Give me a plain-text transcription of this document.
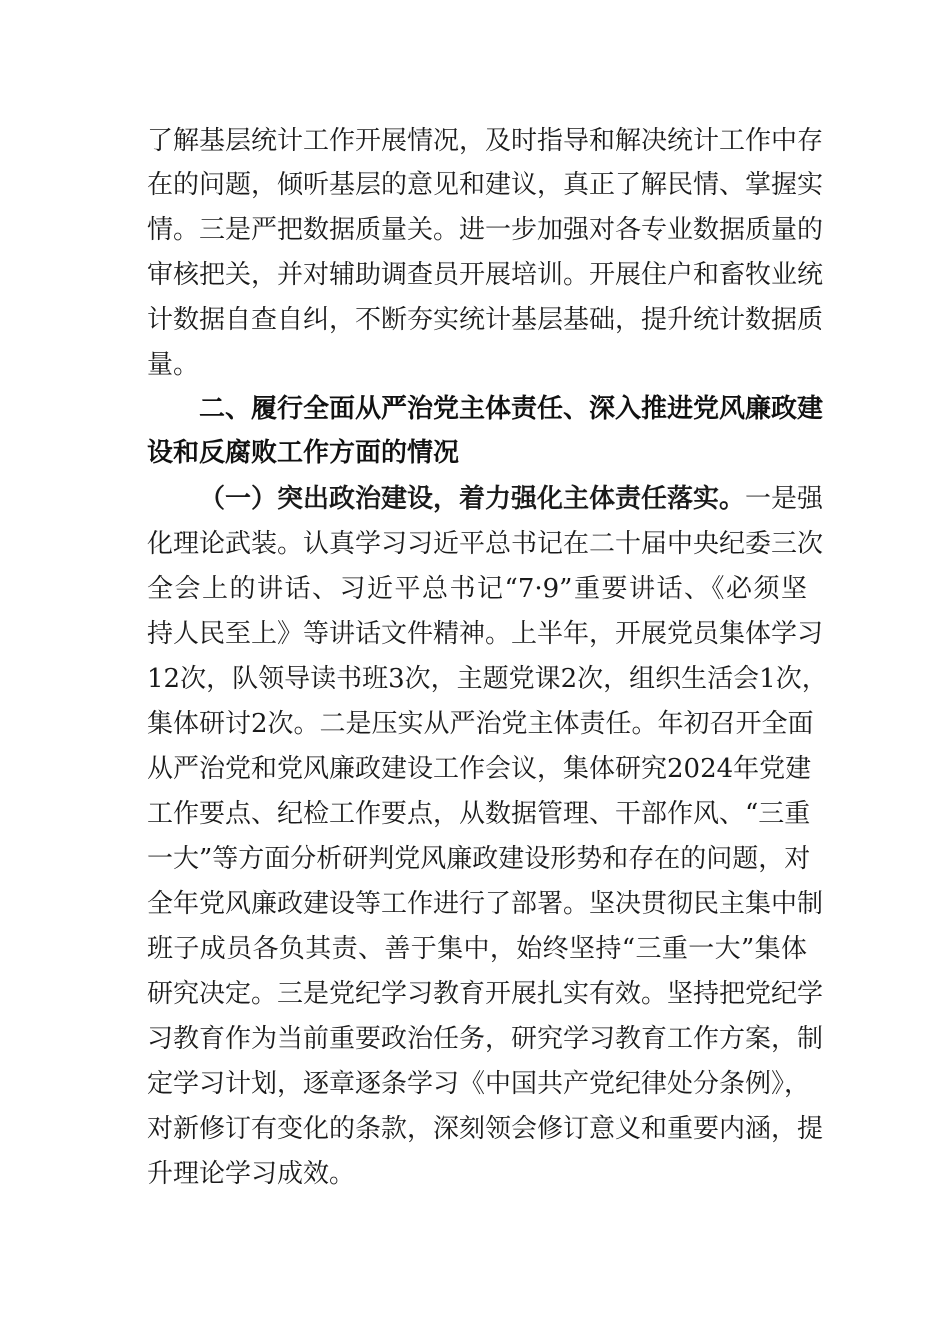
了解基层统计工作开展情况，及时指导和解决统计工作中存
在的问题，倾听基层的意见和建议，真正了解民情、掌握实
情。三是严把数据质量关。进一步加强对各专业数据质量的
审核把关，并对辅助调查员开展培训。开展住户和畜牧业统
计数据自查自纠，不断夯实统计基层基础，提升统计数据质
量。
二、履行全面从严治党主体责任、深入推进党风廉政建
设和反腐败工作方面的情况
（一）突出政治建设，着力强化主体责任落实。 一是强
化理论武装。认真学习习近平总书记在二十届中央纪委三次
全会上的讲话、习近平总书记“7·9”重要讲话、《必须坚
持人民至上》等讲话文件精神。上半年，开展党员集体学习
12次，队领导读书班3次，主题党课2次，组织生活会1次，
集体研讨2次。二是压实从严治党主体责任。年初召开全面
从严治党和党风廉政建设工作会议，集体研究2024年党建
工作要点、纪检工作要点，从数据管理、干部作风、“三重
一大”等方面分析研判党风廉政建设形势和存在的问题，对
全年党风廉政建设等工作进行了部署。坚决贯彻民主集中制
班子成员各负其责、善于集中，始终坚持“三重一大”集体
研究决定。三是党纪学习教育开展扎实有效。坚持把党纪学
习教育作为当前重要政治任务，研究学习教育工作方案，制
定学习计划，逐章逐条学习《中国共产党纪律处分条例》，
对新修订有变化的条款，深刻领会修订意义和重要内涵，提
升理论学习成效。
